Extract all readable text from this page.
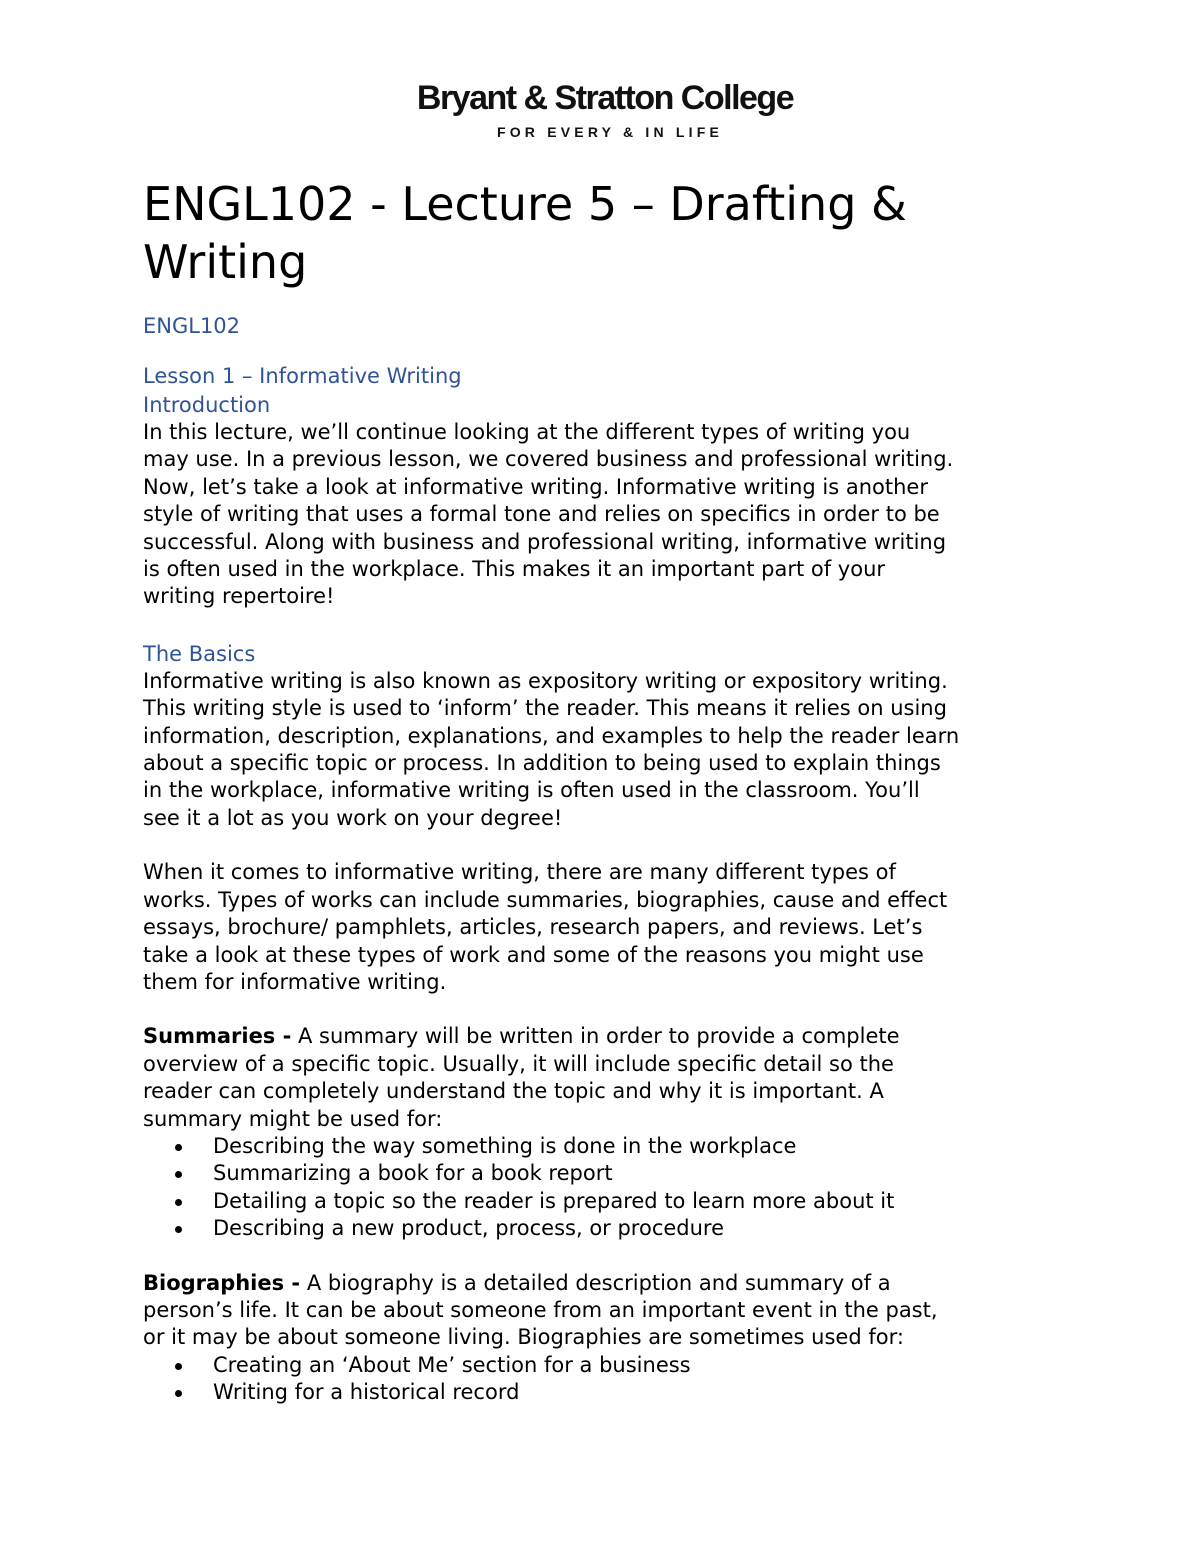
Bryant & Stratton College
FOR EVERY & IN LIFE
ENGL102 - Lecture 5 – Drafting &
Writing
ENGL102
Lesson 1 – Informative Writing
Introduction

In this lecture, we’ll continue looking at the different types of writing you

may use. In a previous lesson, we covered business and professional writing.

Now, let’s take a look at informative writing. Informative writing is another

style of writing that uses a formal tone and relies on specifics in order to be

successful. Along with business and professional writing, informative writing

is often used in the workplace. This makes it an important part of your

writing repertoire!

The Basics

Informative writing is also known as expository writing or expository writing.

This writing style is used to ‘inform’ the reader. This means it relies on using

information, description, explanations, and examples to help the reader learn

about a specific topic or process. In addition to being used to explain things

in the workplace, informative writing is often used in the classroom. You’ll

see it a lot as you work on your degree!

When it comes to informative writing, there are many different types of

works. Types of works can include summaries, biographies, cause and effect

essays, brochure/ pamphlets, articles, research papers, and reviews. Let’s

take a look at these types of work and some of the reasons you might use

them for informative writing.

Summaries - A summary will be written in order to provide a complete

overview of a specific topic. Usually, it will include specific detail so the

reader can completely understand the topic and why it is important. A

summary might be used for:

Describing the way something is done in the workplace
Summarizing a book for a book report
Detailing a topic so the reader is prepared to learn more about it
Describing a new product, process, or procedure

Biographies - A biography is a detailed description and summary of a

person’s life. It can be about someone from an important event in the past,

or it may be about someone living. Biographies are sometimes used for:

Creating an ‘About Me’ section for a business
Writing for a historical record
